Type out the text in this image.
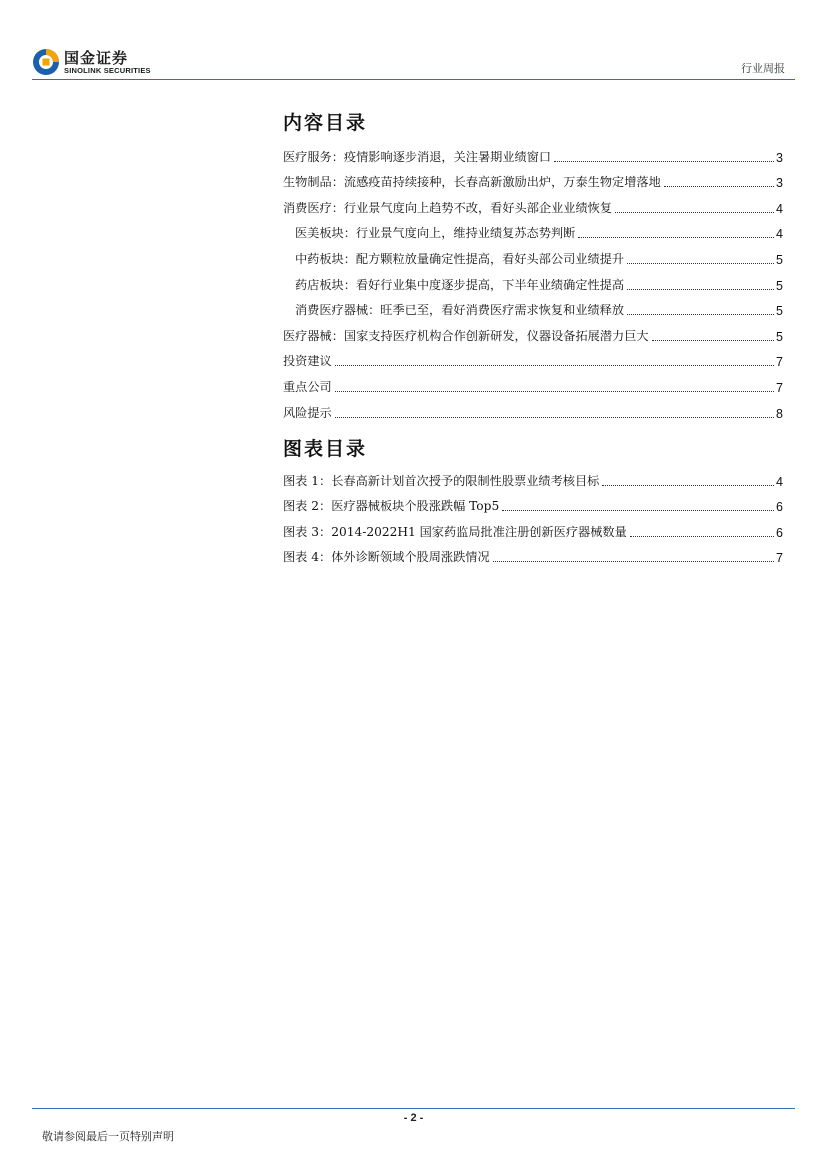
国金证券
SINOLINK SECURITIES	行业周报
内容目录
医疗服务：疫情影响逐步消退，关注暑期业绩窗口	3
生物制品：流感疫苗持续接种，长春高新激励出炉，万泰生物定增落地	3
消费医疗：行业景气度向上趋势不改，看好头部企业业绩恢复	4
医美板块：行业景气度向上，维持业绩复苏态势判断	4
中药板块：配方颗粒放量确定性提高，看好头部公司业绩提升	5
药店板块：看好行业集中度逐步提高，下半年业绩确定性提高	5
消费医疗器械：旺季已至，看好消费医疗需求恢复和业绩释放	5
医疗器械：国家支持医疗机构合作创新研发，仪器设备拓展潜力巨大	5
投资建议	7
重点公司	7
风险提示	8
图表目录
图表 1：长春高新计划首次授予的限制性股票业绩考核目标	4
图表 2：医疗器械板块个股涨跌幅 Top5	6
图表 3：2014-2022H1 国家药监局批准注册创新医疗器械数量	6
图表 4：体外诊断领域个股周涨跌情况	7
- 2 -
敬请参阅最后一页特别声明
